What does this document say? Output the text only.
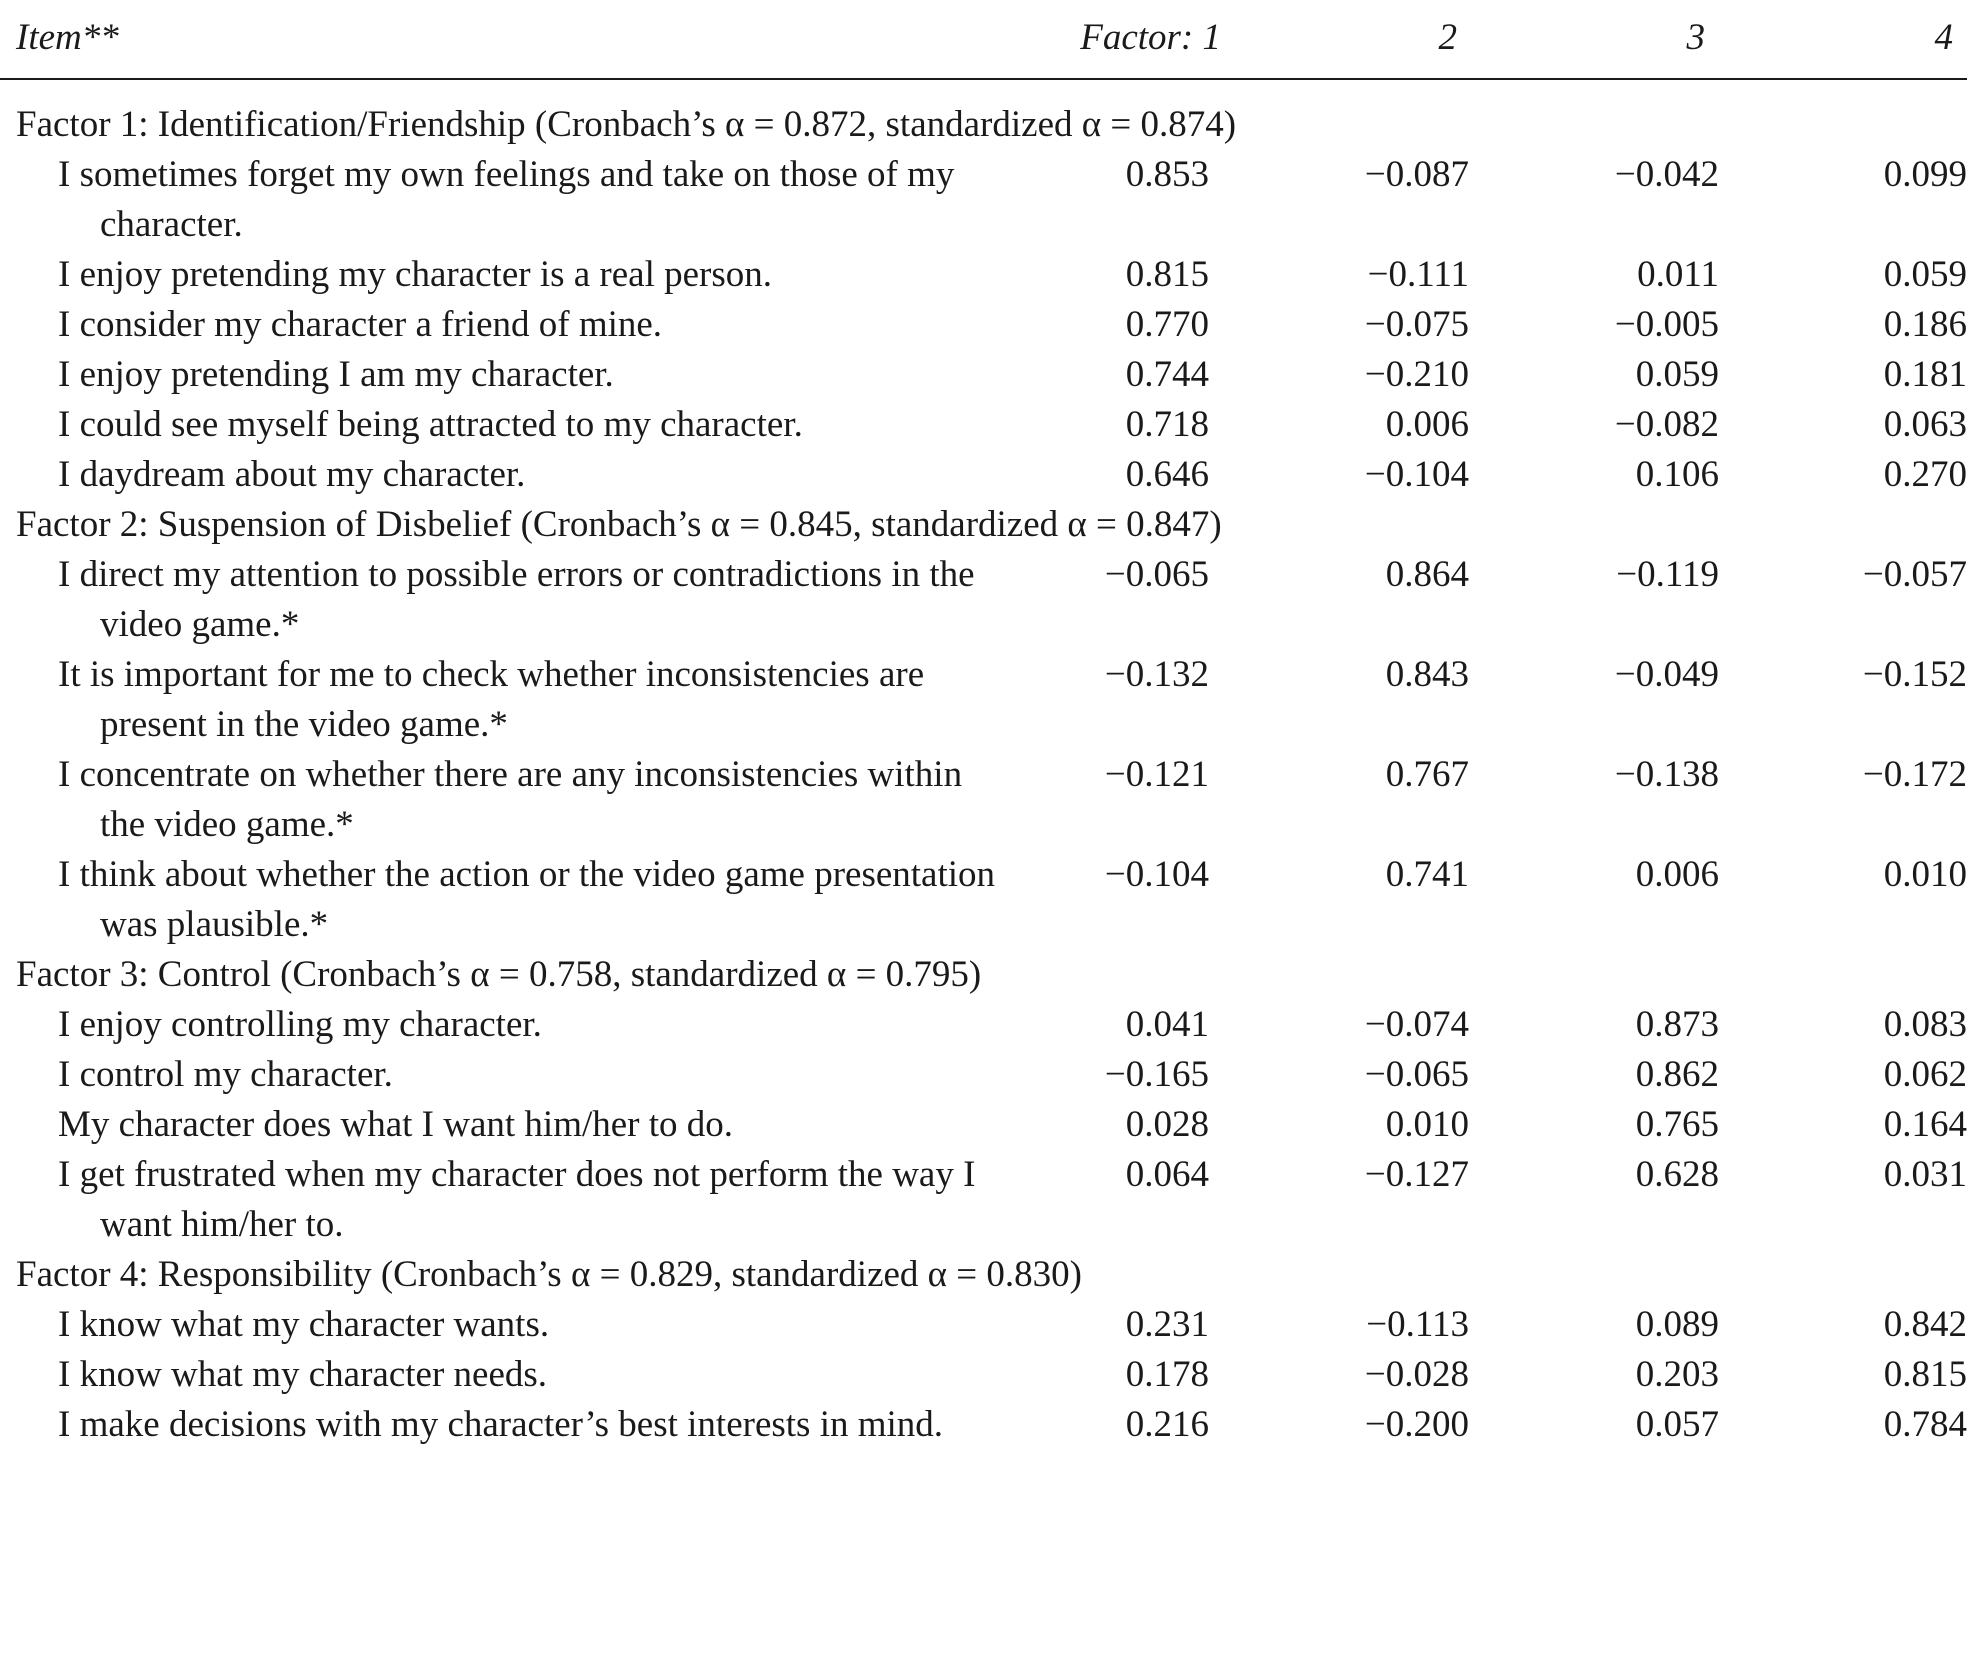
Item**	Factor: 1	2	3	4
Factor 1: Identification/Friendship (Cronbach’s α = 0.872, standardized α = 0.874)
I sometimes forget my own feelings and take on those of my character.
0.853	−0.087	−0.042	0.099
I enjoy pretending my character is a real person.	0.815	−0.111	0.011	0.059
I consider my character a friend of mine.	0.770	−0.075	−0.005	0.186
I enjoy pretending I am my character.	0.744	−0.210	0.059	0.181
I could see myself being attracted to my character.	0.718	0.006	−0.082	0.063
I daydream about my character.	0.646	−0.104	0.106	0.270
Factor 2: Suspension of Disbelief (Cronbach’s α = 0.845, standardized α = 0.847)
I direct my attention to possible errors or contradictions in the video game.*
−0.065	0.864	−0.119	−0.057
It is important for me to check whether inconsistencies are present in the video game.*
−0.132	0.843	−0.049	−0.152
I concentrate on whether there are any inconsistencies within the video game.*
−0.121	0.767	−0.138	−0.172
I think about whether the action or the video game presentation was plausible.*
−0.104	0.741	0.006	0.010
Factor 3: Control (Cronbach’s α = 0.758, standardized α = 0.795)
I enjoy controlling my character.	0.041	−0.074	0.873	0.083
I control my character.	−0.165	−0.065	0.862	0.062
My character does what I want him/her to do.	0.028	0.010	0.765	0.164
I get frustrated when my character does not perform the way I want him/her to.
0.064	−0.127	0.628	0.031
Factor 4: Responsibility (Cronbach’s α = 0.829, standardized α = 0.830)
I know what my character wants.	0.231	−0.113	0.089	0.842
I know what my character needs.	0.178	−0.028	0.203	0.815
I make decisions with my character’s best interests in mind.	0.216	−0.200	0.057	0.784
